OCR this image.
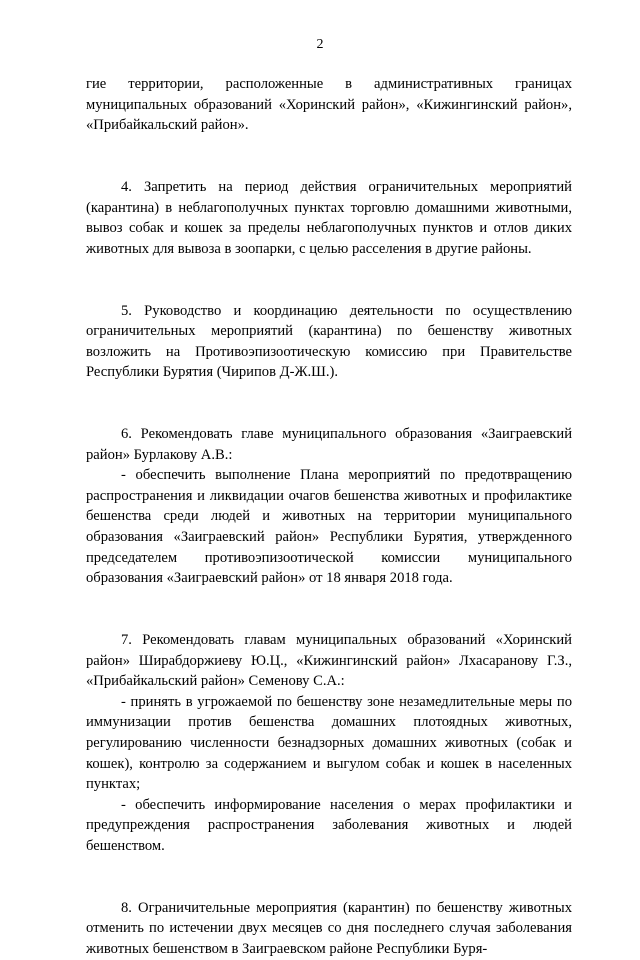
2

гие территории, расположенные в административных границах муниципальных образований «Хоринский район», «Кижингинский район», «Прибайкальский район».

4. Запретить на период действия ограничительных мероприятий (карантина) в неблагополучных пунктах торговлю домашними животными, вывоз собак и кошек за пределы неблагополучных пунктов и отлов диких животных для вывоза в зоопарки, с целью расселения в другие районы.

5. Руководство и координацию деятельности по осуществлению ограничительных мероприятий (карантина) по бешенству животных возложить на Противоэпизоотическую комиссию при Правительстве Республики Бурятия (Чирипов Д-Ж.Ш.).

6. Рекомендовать главе муниципального образования «Заиграевский район» Бурлакову А.В.:

- обеспечить выполнение Плана мероприятий по предотвращению распространения и ликвидации очагов бешенства животных и профилактике бешенства среди людей и животных на территории муниципального образования «Заиграевский район» Республики Бурятия, утвержденного председателем противоэпизоотической комиссии муниципального образования «Заиграевский район» от 18 января 2018 года.

7. Рекомендовать главам муниципальных образований «Хоринский район» Ширабдоржиеву Ю.Ц., «Кижингинский район» Лхасаранову Г.З., «Прибайкальский район» Семенову С.А.:

- принять в угрожаемой по бешенству зоне незамедлительные меры по иммунизации против бешенства домашних плотоядных животных, регулированию численности безнадзорных домашних животных (собак и кошек), контролю за содержанием и выгулом собак и кошек в населенных пунктах;

- обеспечить информирование населения о мерах профилактики и предупреждения распространения заболевания животных и людей бешенством.

8. Ограничительные мероприятия (карантин) по бешенству животных отменить по истечении двух месяцев со дня последнего случая заболевания животных бешенством в Заиграевском районе Республики Буря-
